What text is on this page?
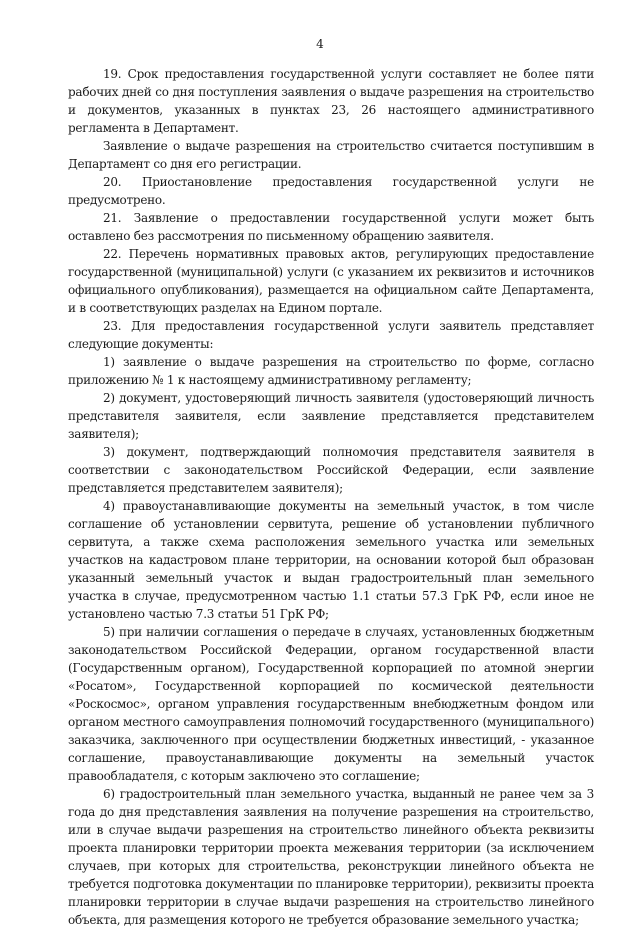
4

19. Срок предоставления государственной услуги составляет не более пяти рабочих дней со дня поступления заявления о выдаче разрешения на строительство и документов, указанных в пунктах 23, 26 настоящего административного регламента в Департамент.

Заявление о выдаче разрешения на строительство считается поступившим в Департамент со дня его регистрации.

20. Приостановление предоставления государственной услуги не предусмотрено.

21. Заявление о предоставлении государственной услуги может быть оставлено без рассмотрения по письменному обращению заявителя.

22. Перечень нормативных правовых актов, регулирующих предоставление государственной (муниципальной) услуги (с указанием их реквизитов и источников официального опубликования), размещается на официальном сайте Департамента, и в соответствующих разделах на Едином портале.

23. Для предоставления государственной услуги заявитель представляет следующие документы:

1) заявление о выдаче разрешения на строительство по форме, согласно приложению № 1 к настоящему административному регламенту;

2) документ, удостоверяющий личность заявителя (удостоверяющий личность представителя заявителя, если заявление представляется представителем заявителя);

3) документ, подтверждающий полномочия представителя заявителя в соответствии с законодательством Российской Федерации, если заявление представляется представителем заявителя);

4) правоустанавливающие документы на земельный участок, в том числе соглашение об установлении сервитута, решение об установлении публичного сервитута, а также схема расположения земельного участка или земельных участков на кадастровом плане территории, на основании которой был образован указанный земельный участок и выдан градостроительный план земельного участка в случае, предусмотренном частью 1.1 статьи 57.3 ГрК РФ, если иное не установлено частью 7.3 статьи 51 ГрК РФ;

5) при наличии соглашения о передаче в случаях, установленных бюджетным законодательством Российской Федерации, органом государственной власти (Государственным органом), Государственной корпорацией по атомной энергии «Росатом», Государственной корпорацией по космической деятельности «Роскосмос», органом управления государственным внебюджетным фондом или органом местного самоуправления полномочий государственного (муниципального) заказчика, заключенного при осуществлении бюджетных инвестиций, - указанное соглашение, правоустанавливающие документы на земельный участок правообладателя, с которым заключено это соглашение;

6) градостроительный план земельного участка, выданный не ранее чем за 3 года до дня представления заявления на получение разрешения на строительство, или в случае выдачи разрешения на строительство линейного объекта реквизиты проекта планировки территории проекта межевания территории (за исключением случаев, при которых для строительства, реконструкции линейного объекта не требуется подготовка документации по планировке территории), реквизиты проекта планировки территории в случае выдачи разрешения на строительство линейного объекта, для размещения которого не требуется образование земельного участка;
